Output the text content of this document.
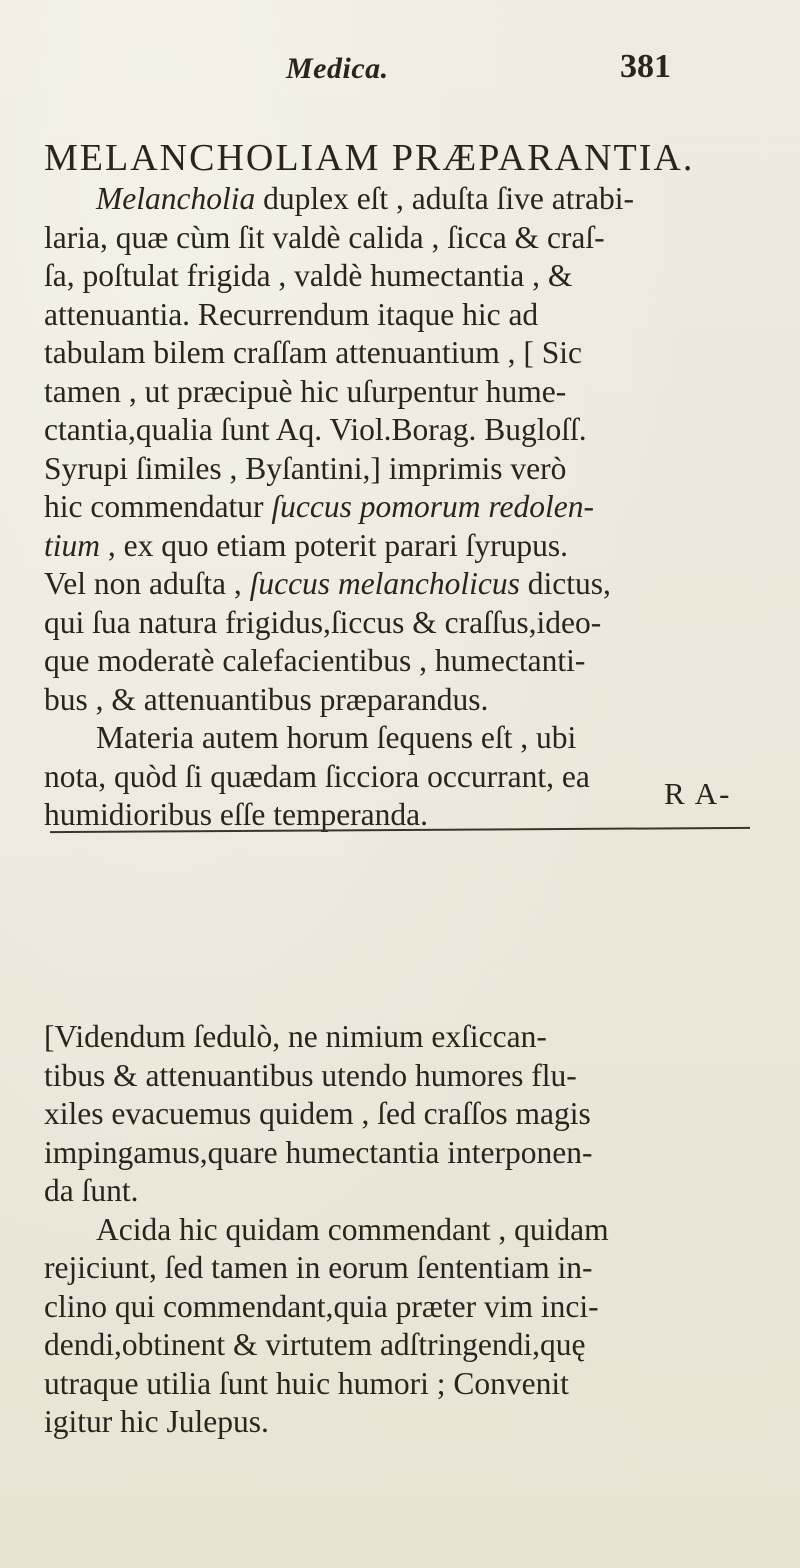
Medica.	381
MELANCHOLIAM PRÆPARANTIA.
Melancholia duplex eſt , aduſta ſive atrabi-
laria, quæ cùm ſit valdè calida , ſicca & craſ-
ſa, poſtulat frigida , valdè humectantia , &
attenuantia. Recurrendum itaque hic ad
tabulam bilem craſſam attenuantium , [ Sic
tamen , ut præcipuè hic uſurpentur hume-
ctantia,qualia ſunt Aq. Viol.Borag. Bugloſſ.
Syrupi ſimiles , Byſantini,] imprimis verò
hic commendatur ſuccus pomorum redolen-
tium , ex quo etiam poterit parari ſyrupus.
Vel non aduſta , ſuccus melancholicus dictus,
qui ſua natura frigidus,ſiccus & craſſus,ideo-
que moderatè calefacientibus , humectanti-
bus , & attenuantibus præparandus.
Materia autem horum ſequens eſt , ubi
nota, quòd ſi quædam ſicciora occurrant, ea
humidioribus eſſe temperanda.
R A-
[Videndum ſedulò, ne nimium exſiccan-
tibus & attenuantibus utendo humores flu-
xiles evacuemus quidem , ſed craſſos magis
impingamus,quare humectantia interponen-
da ſunt.
Acida hic quidam commendant , quidam
rejiciunt, ſed tamen in eorum ſententiam in-
clino qui commendant,quia præter vim inci-
dendi,obtinent & virtutem adſtringendi,quę
utraque utilia ſunt huic humori ; Convenit
igitur hic Julepus.
